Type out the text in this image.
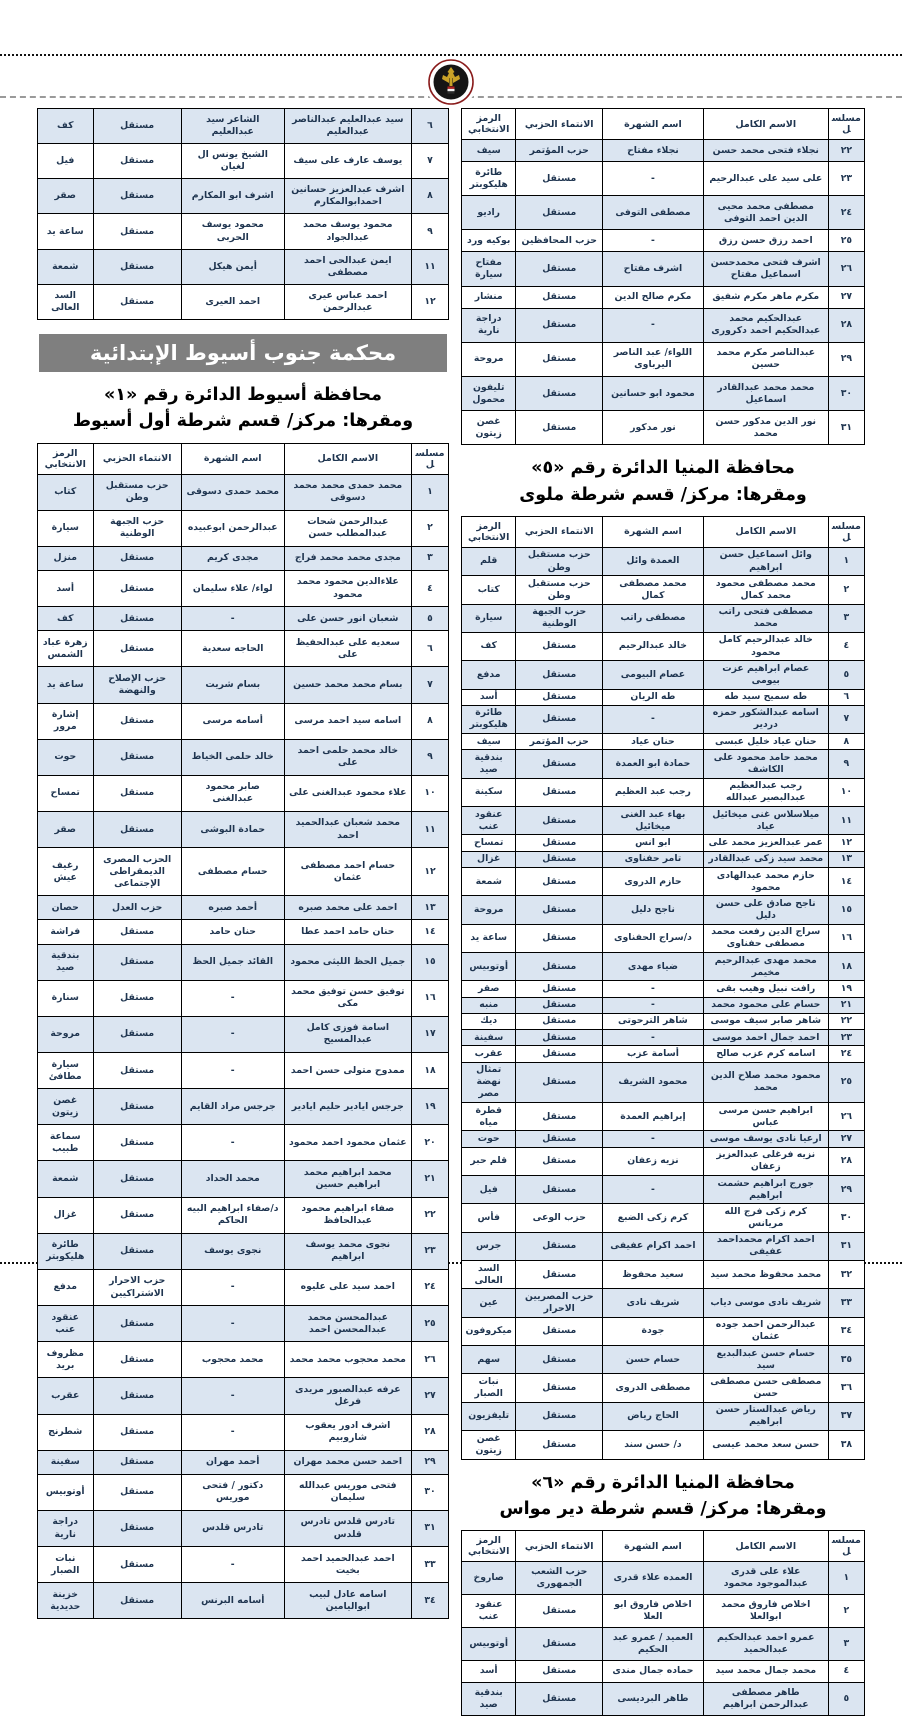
مسلسل	الاسم الكامل	اسم الشهرة	الانتماء الحزبي	الرمز الانتخابي
٢٢	نجلاء فتحى محمد حسن	نجلاء مفتاح	حزب المؤتمر	سيف
٢٣	على سيد على عبدالرحيم	-	مستقل	طائرة هليكوبتر
٢٤	مصطفى محمد محيى الدين احمد التوفى	مصطفى التوفى	مستقل	راديو
٢٥	احمد رزق حسن رزق	-	حزب المحافظين	بوكيه ورد
٢٦	اشرف فتحى محمدحسن اسماعيل مفتاح	اشرف مفتاح	مستقل	مفتاح سيارة
٢٧	مكرم ماهر مكرم شفيق	مكرم صالح الدين	مستقل	منشار
٢٨	عبدالحكيم محمد عبدالحكيم احمد دكرورى	-	مستقل	دراجة نارية
٢٩	عبدالناصر مكرم محمد حسين	اللواء/ عبد الناصر اليرباوى	مستقل	مروحة
٣٠	محمد محمد عبدالقادر اسماعيل	محمود ابو حسانين	مستقل	تليفون محمول
٣١	نور الدين مدكور حسن محمد	نور مدكور	مستقل	غصن زيتون
محافظة المنيا الدائرة رقم «٥»
ومقرها: مركز/ قسم شرطة ملوى
مسلسل	الاسم الكامل	اسم الشهرة	الانتماء الحزبي	الرمز الانتخابي
١	وائل اسماعيل حسن ابراهيم	العمدة وائل	حزب مستقبل وطن	قلم
٢	محمد مصطفى محمود محمد كمال	محمد مصطفى كمال	حزب مستقبل وطن	كتاب
٣	مصطفى فتحى راتب محمد	مصطفى راتب	حزب الجبهة الوطنية	سيارة
٤	خالد عبدالرحيم كامل محمود	خالد عبدالرحيم	مستقل	كف
٥	عصام ابراهيم عزت بيومى	عصام البيومى	مستقل	مدفع
٦	طه سميح سيد طه	طه الريان	مستقل	أسد
٧	اسامه عبدالشكور حمزه دردير	-	مستقل	طائرة هليكوبتر
٨	حنان عياد خليل عبسى	حنان عياد	حزب المؤتمر	سيف
٩	محمد حامد محمود على الكاشف	حمادة ابو العمدة	مستقل	بندقية صيد
١٠	رجب عبدالعظيم عبدالبصير عبدالله	رجب عبد العظيم	مستقل	سكينة
١١	ميلاسلاس غنى ميخائيل عياد	بهاء عبد الغنى ميخائيل	مستقل	عنقود عنب
١٢	عمر عبدالعزيز محمد على	ابو انس	مستقل	تمساح
١٣	محمد سيد زكى عبدالقادر	تامر حفناوى	مستقل	غزال
١٤	حازم محمد عبدالهادى محمود	حازم الدروى	مستقل	شمعة
١٥	ناجح صادق على حسن دليل	ناجح دليل	مستقل	مروحة
١٦	سراج الدين رفعت محمد مصطفى حفناوى	د/سراج الحفناوى	مستقل	ساعة يد
١٨	محمد مهدى عبدالرحيم مخيمر	ضياء مهدى	مستقل	أوتوبيس
١٩	رافت نبيل وهيب بقى	-	مستقل	صقر
٢١	حسام على محمود محمد	-	مستقل	منبه
٢٢	شاهر صابر سيف موسى	شاهر الترحوتى	مستقل	ديك
٢٣	احمد جمال احمد موسى	-	مستقل	سفينة
٢٤	اسامه كرم عزب صالح	أسامة عزب	مستقل	عقرب
٢٥	محمود محمد صلاح الدين محمد	محمود الشريف	مستقل	تمثال نهضة مصر
٢٦	ابراهيم حسن مرسى عباس	إبراهيم العمدة	مستقل	قطرة مياه
٢٧	ارعيا نادى يوسف موسى	-	مستقل	حوت
٢٨	نزيه فرغلى عبدالعزيز زعفان	نزيه زعفان	مستقل	قلم حبر
٢٩	جورج ابراهيم حشمت ابراهيم	-	مستقل	فيل
٣٠	كرم زكى فرج الله مريانس	كرم زكى الضبع	حزب الوعى	فأس
٣١	احمد اكرام محمداحمد عفيفى	احمد اكرام عفيفى	مستقل	جرس
٣٢	محمد محفوظ محمد سيد	سعيد محفوظ	مستقل	السد العالى
٣٣	شريف نادى موسى دياب	شريف نادى	حزب المصريين الاحرار	عين
٣٤	عبدالرحمن احمد جوده عثمان	جودة	مستقل	ميكروفون
٣٥	حسام حسن عبدالبديع سيد	حسام حسن	مستقل	سهم
٣٦	مصطفى حسن مصطفى حسن	مصطفى الدروى	مستقل	نبات الصبار
٣٧	رياض عبدالستار حسن ابراهيم	الحاج رياض	مستقل	تليفزيون
٣٨	حسن سعد محمد عيسى	د/ حسن سند	مستقل	غصن زيتون
محافظة المنيا الدائرة رقم «٦»
ومقرها: مركز/ قسم شرطة دير مواس
مسلسل	الاسم الكامل	اسم الشهرة	الانتماء الحزبي	الرمز الانتخابي
١	علاء على قدرى عبدالموجود محمود	العمده علاء قدرى	حزب الشعب الجمهورى	صاروخ
٢	اخلاص فاروق محمد ابوالعلا	اخلاص فاروق ابو العلا	مستقل	عنقود عنب
٣	عمرو احمد عبدالحكيم عبدالحميد	العميد / عمرو عبد الحكيم	مستقل	أوتوبيس
٤	محمد جمال محمد سيد	حماده جمال مندى	مستقل	أسد
٥	طاهر مصطفى عبدالرحمن ابراهيم	طاهر البرديسى	مستقل	بندقية صيد
٦	سيد عبدالعليم عبدالناصر عبدالعليم	الشاعر سيد عبدالعليم	مستقل	كف
٧	يوسف عارف على سيف	الشيخ يونس ال لغيان	مستقل	فيل
٨	اشرف عبدالعزيز حسانين احمدابوالمكارم	اشرف ابو المكارم	مستقل	صقر
٩	محمود يوسف محمد عبدالجواد	محمود يوسف الحربى	مستقل	ساعة يد
١١	ايمن عبدالحى احمد مصطفى	أيمن هيكل	مستقل	شمعة
١٢	احمد عباس عيرى عبدالرحمن	احمد العيرى	مستقل	السد العالى
محكمة جنوب أسيوط الإبتدائية
محافظة أسيوط الدائرة رقم «١»
ومقرها: مركز/ قسم شرطة أول أسيوط
مسلسل	الاسم الكامل	اسم الشهرة	الانتماء الحزبي	الرمز الانتخابي
١	محمد حمدى محمد محمد دسوقى	محمد حمدى دسوقى	حزب مستقبل وطن	كتاب
٢	عبدالرحمن شحات عبدالمطلب حسن	عبدالرحمن ابوعبيده	حزب الجبهة الوطنية	سيارة
٣	مجدى محمد محمد فراج	مجدى كريم	مستقل	منزل
٤	علاءالدين محمود محمد محمود	لواء/ علاء سليمان	مستقل	أسد
٥	شعبان انور حسن على	-	مستقل	كف
٦	سعديه على عبدالحفيظ على	الحاجه سعدية	مستقل	زهرة عباد الشمس
٧	بسام محمد محمد حسين	بسام شريت	حزب الإصلاح والنهضة	ساعة يد
٨	اسامه سيد احمد مرسى	أسامه مرسى	مستقل	إشارة مرور
٩	خالد محمد حلمى احمد على	خالد حلمى الخياط	مستقل	حوت
١٠	علاء محمود عبدالغنى على	صابر محمود عبدالغنى	مستقل	تمساح
١١	محمد شعبان عبدالحميد احمد	حمادة البوشى	مستقل	صقر
١٢	حسام احمد مصطفى عثمان	حسام مصطفى	الحزب المصرى الديمقراطى الإجتماعى	رغيف عيش
١٣	احمد على محمد صبره	أحمد صبره	حزب العدل	حصان
١٤	حنان حامد احمد عطا	حنان حامد	مستقل	فراشة
١٥	جميل الحظ الليثى محمود	القائد جميل الحظ	مستقل	بندقية صيد
١٦	توفيق حسن توفيق محمد مكى	-	مستقل	سنارة
١٧	اسامة فوزى كامل عبدالمسيح	-	مستقل	مروحة
١٨	ممدوح متولى حسن احمد	-	مستقل	سيارة مطافئ
١٩	جرجس ايادير حليم ايادير	جرجس مراد القايم	مستقل	غصن زيتون
٢٠	عثمان محمود احمد محمود	-	مستقل	سماعة طبيب
٢١	محمد ابراهيم محمد ابراهيم حسين	محمد الحداد	مستقل	شمعة
٢٢	صفاء ابراهيم محمود عبدالحافظ	د/صفاء ابراهيم البيه الحاكم	مستقل	غزال
٢٣	نجوى محمد يوسف ابراهيم	نجوى يوسف	مستقل	طائرة هليكوبتر
٢٤	احمد سيد على عليوه	-	حزب الاحرار الاشتراكيين	مدفع
٢٥	عبدالمحسن محمد عبدالمحسن احمد	-	مستقل	عنقود عنب
٢٦	محمد محجوب محمد محمد	محمد محجوب	مستقل	مظروف بريد
٢٧	عرفه عبدالصبور مريدى فرغل	-	مستقل	عقرب
٢٨	اشرف ادور يعقوب شاروبيم	-	مستقل	شطرنج
٢٩	احمد حسن محمد مهران	أحمد مهران	مستقل	سفينة
٣٠	فتحى موريس عبدالله سليمان	دكتور / فتحى موريس	مستقل	أوتوبيس
٣١	تادرس قلدس تادرس قلدس	تادرس قلدس	مستقل	دراجة نارية
٣٣	احمد عبدالحميد احمد بخيت	-	مستقل	نبات الصبار
٣٤	اسامه عادل لبيب ابواليامين	أسامه البرنس	مستقل	خزينة حديدية
